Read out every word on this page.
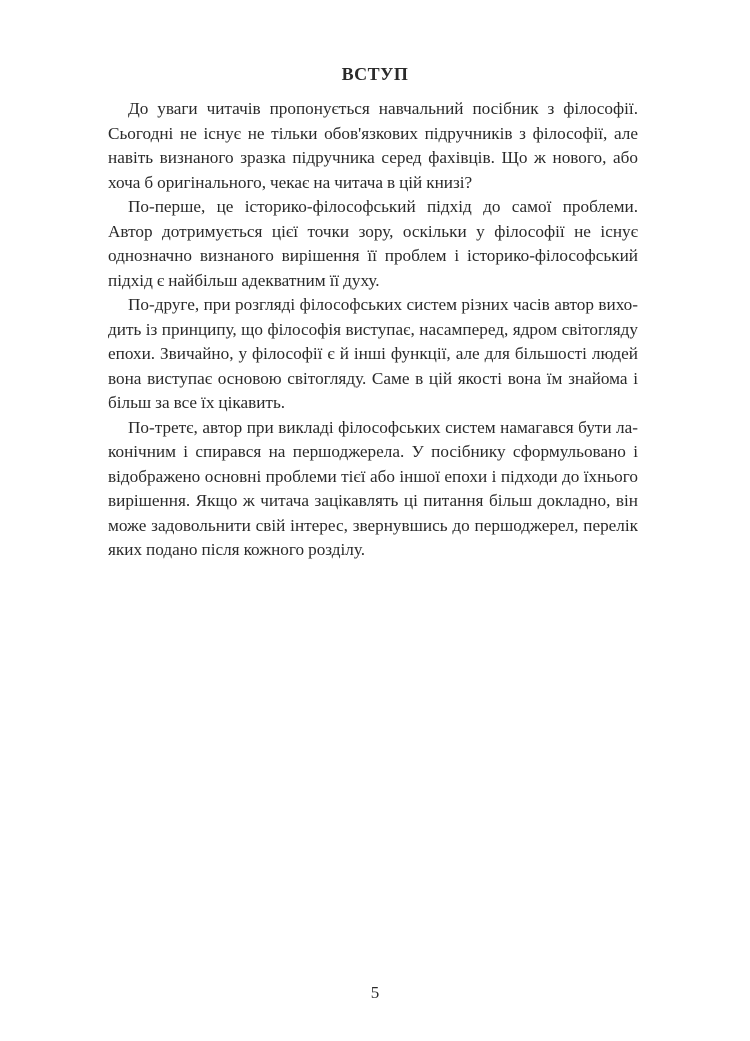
ВСТУП

До уваги читачів пропонується навчальний посібник з філософії. Сьогодні не існує не тільки обов'язкових підручників з філософії, але навіть визнаного зразка підручника серед фахівців. Що ж нового, або хоча б оригінального, чекає на читача в цій книзі?

По-перше, це історико-філософський підхід до самої проблеми. Автор дотримується цієї точки зору, оскільки у філософії не існує однозначно визнаного вирішення її проблем і історико-філософський підхід є найбільш адекватним її духу.

По-друге, при розгляді філософських систем різних часів автор виходить із принципу, що філософія виступає, насамперед, ядром світогляду епохи. Звичайно, у філософії є й інші функції, але для більшості людей вона виступає основою світогляду. Саме в цій якості вона їм знайома і більш за все їх цікавить.

По-третє, автор при викладі філософських систем намагався бути лаконічним і спирався на першоджерела. У посібнику сформульовано і відображено основні проблеми тієї або іншої епохи і підходи до їхнього вирішення. Якщо ж читача зацікавлять ці питання більш докладно, він може задовольнити свій інтерес, звернувшись до першоджерел, перелік яких подано після кожного розділу.

5
